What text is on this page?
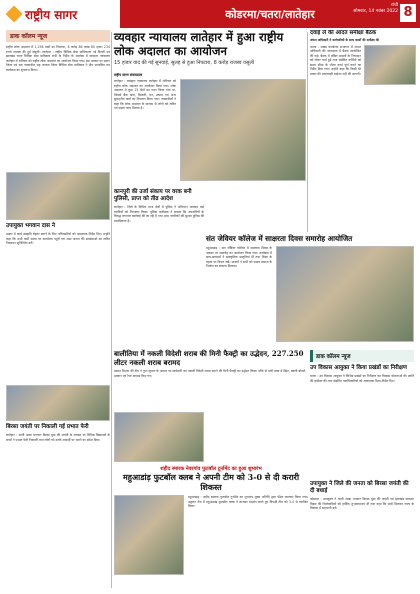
राष्ट्रीय सागर	कोडरमा/चतरा/लातेहार
रांची
सोमवार, 14 नवंबर 2022 8
डाक कॉलम न्यूज
राष्ट्रीय लोक अदालत में 1,258 वादों का निपटारा, 8 करोड़ 86 लाख 80 हजार 234 रुपये राजस्व की हुई वसूली। लातेहार : राष्ट्रीय विधिक सेवा प्राधिकरण नई दिल्ली एवं झारखंड राज्य विधिक सेवा प्राधिकार रांची के निर्देश के आलोक में व्यवहार न्यायालय लातेहार में शनिवार को राष्ट्रीय लोक अदालत का आयोजन किया गया। इस अवसर पर प्रधान जिला एवं सत्र न्यायाधीश सह अध्यक्ष जिला विधिक सेवा प्राधिकार ने दीप प्रज्वलित कर कार्यक्रम का शुभारंभ किया।
उपायुक्त भगवान दास ने
दफ्तर में कार्य संस्कृति बेहतर बनाने के लिए अधिकारियों को आवश्यक निर्देश दिए। उन्होंने कहा कि सभी कर्मी समय पर कार्यालय पहुंचें एवं आम जनता की समस्याओं का त्वरित निष्पादन सुनिश्चित करें।
बिरसा जयंती पर निकाली गई प्रभात फेरी
लातेहार : धरती आबा भगवान बिरसा मुंडा की जयंती के अवसर पर विभिन्न विद्यालयों के बच्चों ने प्रभात फेरी निकाली तथा लोगों को उनके आदर्शों पर चलने का संदेश दिया।
व्यवहार न्यायालय लातेहार में हुआ राष्ट्रीय लोक अदालत का आयोजन
15 हजार वाद की गई सुनवाई, सुलह से हुआ निपटारा, 8 करोड़ राजस्व वसूली
राष्ट्रीय सागर संवाददाता
लातेहार : व्यवहार न्यायालय लातेहार में शनिवार को राष्ट्रीय लोक अदालत का आयोजन किया गया। लोक अदालत में कुल 15 बेंचों का गठन किया गया था, जिसमें बैंक ऋण, बिजली, वन, उत्पाद एवं अन्य सुलहनीय वादों का निपटारा किया गया। न्यायाधीशों ने कहा कि लोक अदालत के माध्यम से लोगों को त्वरित एवं सस्ता न्याय मिलता है।
दवाई ले की आदत समीक्षा बैठक
अंचल अधिकारी ने कर्मचारियों के साथ कार्यों की समीक्षा की
चंदवा : प्रखंड कार्यालय सभागार में अंचल अधिकारी की अध्यक्षता में बैठक आयोजित की गई। बैठक में लंबित मामलों के निष्पादन को लेकर चर्चा हुई तथा संबंधित कर्मियों को समय सीमा के भीतर कार्य पूर्ण करने का निर्देश दिया गया। उन्होंने कहा कि किसी भी प्रकार की लापरवाही बर्दाश्त नहीं की जाएगी।
कानपुरी की उर्जा संकाय पर वरक बनी पुलिसी, प्राप्त को तीव्र आदेश
लातेहार : जिले के विभिन्न थाना क्षेत्रों में पुलिस ने अभियान चलाकर कई वारंटियों को गिरफ्तार किया। पुलिस अधीक्षक ने बताया कि अपराधियों के विरुद्ध लगातार कार्रवाई की जा रही है तथा आम नागरिकों की सुरक्षा पुलिस की प्राथमिकता है।
संत जेवियर कॉलेज में साक्षरता दिवस समारोह आयोजित
महुआडांड़ : संत जेवियर कॉलेज में साक्षरता दिवस के अवसर पर समारोह का आयोजन किया गया। कार्यक्रम में छात्र-छात्राओं ने सांस्कृतिक प्रस्तुतियां दीं तथा शिक्षा के महत्व पर विचार रखे। प्राचार्य ने सभी को साक्षर समाज के निर्माण का संकल्प दिलाया।
बालीतिया में नकली विदेशी शराब की मिनी फैक्ट्री का उद्भेदन, 227.250 लीटर नकली शराब बरामद
उत्पाद विभाग की टीम ने गुप्त सूचना के आधार पर छापेमारी कर नकली विदेशी शराब बनाने की मिनी फैक्ट्री का उद्भेदन किया। मौके से भारी मात्रा में स्प्रिट, खाली बोतलें, ढक्कन एवं रैपर बरामद किए गए।
डाक कॉलम न्यूज
उप विकास आयुक्त ने किया प्रखंडों का निरीक्षण
चतरा : उप विकास आयुक्त ने विभिन्न प्रखंडों का निरीक्षण कर विकास योजनाओं की प्रगति की समीक्षा की तथा संबंधित पदाधिकारियों को आवश्यक दिशा-निर्देश दिए।
शहीद स्मारक नेवरगांव फुटबॉल टूर्नामेंट का हुआ शुभारंभ
महुआडांड़ फुटबॉल क्लब ने अपनी टीम को 3-0 से दी करारी शिकस्त
महुआडांड़ : शहीद स्मारक फुटबॉल टूर्नामेंट का शुभारंभ मुख्य अतिथि द्वारा फीता काटकर किया गया। उद्घाटन मैच में महुआडांड़ फुटबॉल क्लब ने शानदार प्रदर्शन करते हुए विपक्षी टीम को 3-0 से पराजित किया।
उपायुक्त ने जिले की जनता को बिरसा जयंती की दी बधाई
कोडरमा : उपायुक्त ने धरती आबा भगवान बिरसा मुंडा की जयंती एवं झारखंड स्थापना दिवस की जिलेवासियों को हार्दिक शुभकामनाएं दीं तथा कहा कि सभी मिलकर राज्य के विकास में सहभागी बनें।
